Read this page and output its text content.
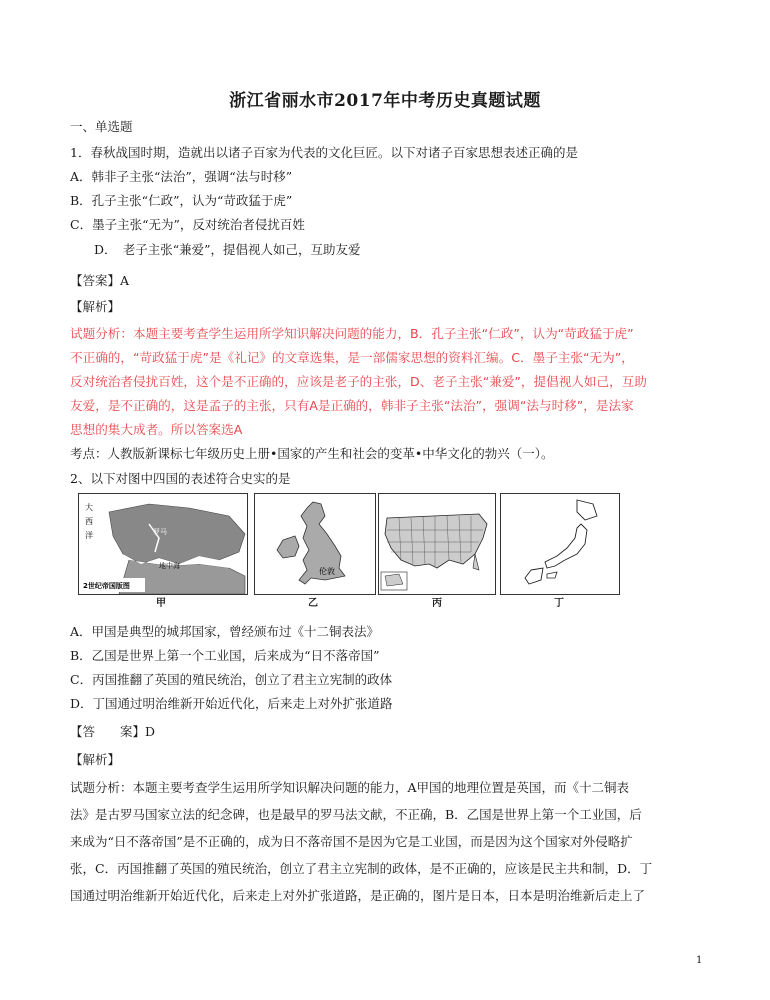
浙江省丽水市2017年中考历史真题试题
一、单选题
1．春秋战国时期，造就出以诸子百家为代表的文化巨匠。以下对诸子百家思想表述正确的是
A．韩非子主张“法治”，强调“法与时移”
B．孔子主张“仁政”，认为“苛政猛于虎”
C．墨子主张“无为”，反对统治者侵扰百姓
D．　老子主张“兼爱”，提倡视人如己，互助友爱
【答案】A
【解析】
试题分析：本题主要考查学生运用所学知识解决问题的能力，B．孔子主张“仁政”，认为“苛政猛于虎”
不正确的，“苛政猛于虎”是《礼记》的文章选集，是一部儒家思想的资料汇编。C．墨子主张“无为”，
反对统治者侵扰百姓，这个是不正确的，应该是老子的主张，D、老子主张“兼爱”，提倡视人如己，互助
友爱，是不正确的，这是孟子的主张，只有A是正确的，韩非子主张“法治”，强调“法与时移”，是法家
思想的集大成者。所以答案选A
考点：人教版新课标七年级历史上册•国家的产生和社会的变革•中华文化的勃兴（一）。
2、以下对图中四国的表述符合史实的是
大
西
洋	罗马
地中海
2世纪帝国版图
甲
伦敦
乙	丙	丁
A．甲国是典型的城邦国家，曾经颁布过《十二铜表法》
B．乙国是世界上第一个工业国，后来成为“日不落帝国”
C．丙国推翻了英国的殖民统治，创立了君主立宪制的政体
D．丁国通过明治维新开始近代化，后来走上对外扩张道路
【答　　案】D
【解析】
试题分析：本题主要考查学生运用所学知识解决问题的能力，A甲国的地理位置是英国，而《十二铜表
法》是古罗马国家立法的纪念碑，也是最早的罗马法文献，不正确，B．乙国是世界上第一个工业国，后
来成为“日不落帝国”是不正确的，成为日不落帝国不是因为它是工业国，而是因为这个国家对外侵略扩
张，C．丙国推翻了英国的殖民统治，创立了君主立宪制的政体，是不正确的，应该是民主共和制，D．丁
国通过明治维新开始近代化，后来走上对外扩张道路，是正确的，图片是日本，日本是明治维新后走上了
1
